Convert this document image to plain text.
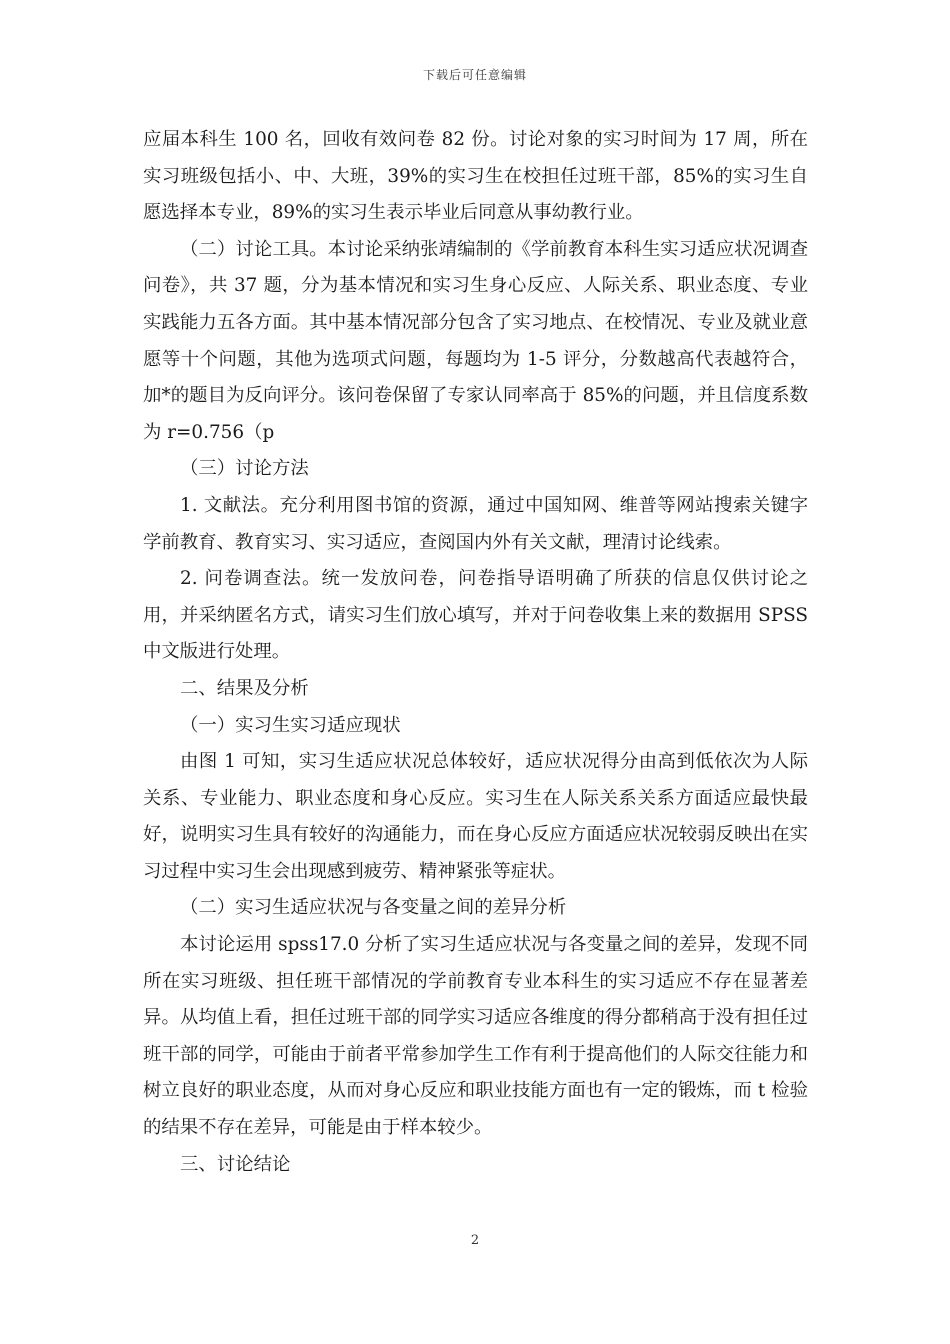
下载后可任意编辑

应届本科生 100 名，回收有效问卷 82 份。讨论对象的实习时间为 17 周，所在实习班级包括小、中、大班，39%的实习生在校担任过班干部，85%的实习生自愿选择本专业，89%的实习生表示毕业后同意从事幼教行业。

（二）讨论工具。本讨论采纳张靖编制的《学前教育本科生实习适应状况调查问卷》，共 37 题，分为基本情况和实习生身心反应、人际关系、职业态度、专业实践能力五各方面。其中基本情况部分包含了实习地点、在校情况、专业及就业意愿等十个问题，其他为选项式问题，每题均为 1-5 评分，分数越高代表越符合，加*的题目为反向评分。该问卷保留了专家认同率高于 85%的问题，并且信度系数为 r=0.756（p

（三）讨论方法

1. 文献法。充分利用图书馆的资源，通过中国知网、维普等网站搜索关键字学前教育、教育实习、实习适应，查阅国内外有关文献，理清讨论线索。

2. 问卷调查法。统一发放问卷，问卷指导语明确了所获的信息仅供讨论之用，并采纳匿名方式，请实习生们放心填写，并对于问卷收集上来的数据用 SPSS 中文版进行处理。

二、结果及分析

（一）实习生实习适应现状

由图 1 可知，实习生适应状况总体较好，适应状况得分由高到低依次为人际关系、专业能力、职业态度和身心反应。实习生在人际关系关系方面适应最快最好，说明实习生具有较好的沟通能力，而在身心反应方面适应状况较弱反映出在实习过程中实习生会出现感到疲劳、精神紧张等症状。

（二）实习生适应状况与各变量之间的差异分析

本讨论运用 spss17.0 分析了实习生适应状况与各变量之间的差异，发现不同所在实习班级、担任班干部情况的学前教育专业本科生的实习适应不存在显著差异。从均值上看，担任过班干部的同学实习适应各维度的得分都稍高于没有担任过班干部的同学，可能由于前者平常参加学生工作有利于提高他们的人际交往能力和树立良好的职业态度，从而对身心反应和职业技能方面也有一定的锻炼，而 t 检验的结果不存在差异，可能是由于样本较少。

三、讨论结论

2
